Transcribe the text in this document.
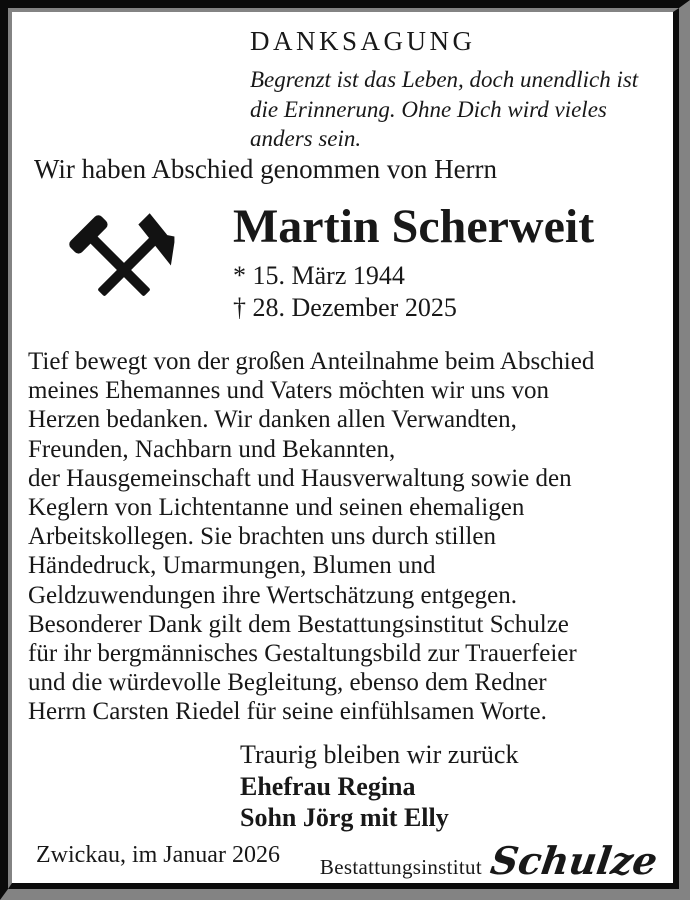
DANKSAGUNG
Begrenzt ist das Leben, doch unendlich ist
die Erinnerung. Ohne Dich wird vieles
anders sein.
Wir haben Abschied genommen von Herrn
Martin Scherweit
* 15. März 1944
† 28. Dezember 2025
Tief bewegt von der großen Anteilnahme beim Abschied
meines Ehemannes und Vaters möchten wir uns von
Herzen bedanken. Wir danken allen Verwandten,
Freunden, Nachbarn und Bekannten,
der Hausgemeinschaft und Hausverwaltung sowie den
Keglern von Lichtentanne und seinen ehemaligen
Arbeitskollegen. Sie brachten uns durch stillen
Händedruck, Umarmungen, Blumen und
Geldzuwendungen ihre Wertschätzung entgegen.
Besonderer Dank gilt dem Bestattungsinstitut Schulze
für ihr bergmännisches Gestaltungsbild zur Trauerfeier
und die würdevolle Begleitung, ebenso dem Redner
Herrn Carsten Riedel für seine einfühlsamen Worte.
Traurig bleiben wir zurück
Ehefrau Regina
Sohn Jörg mit Elly
Zwickau, im Januar 2026 Bestattungsinstitut Schulze
